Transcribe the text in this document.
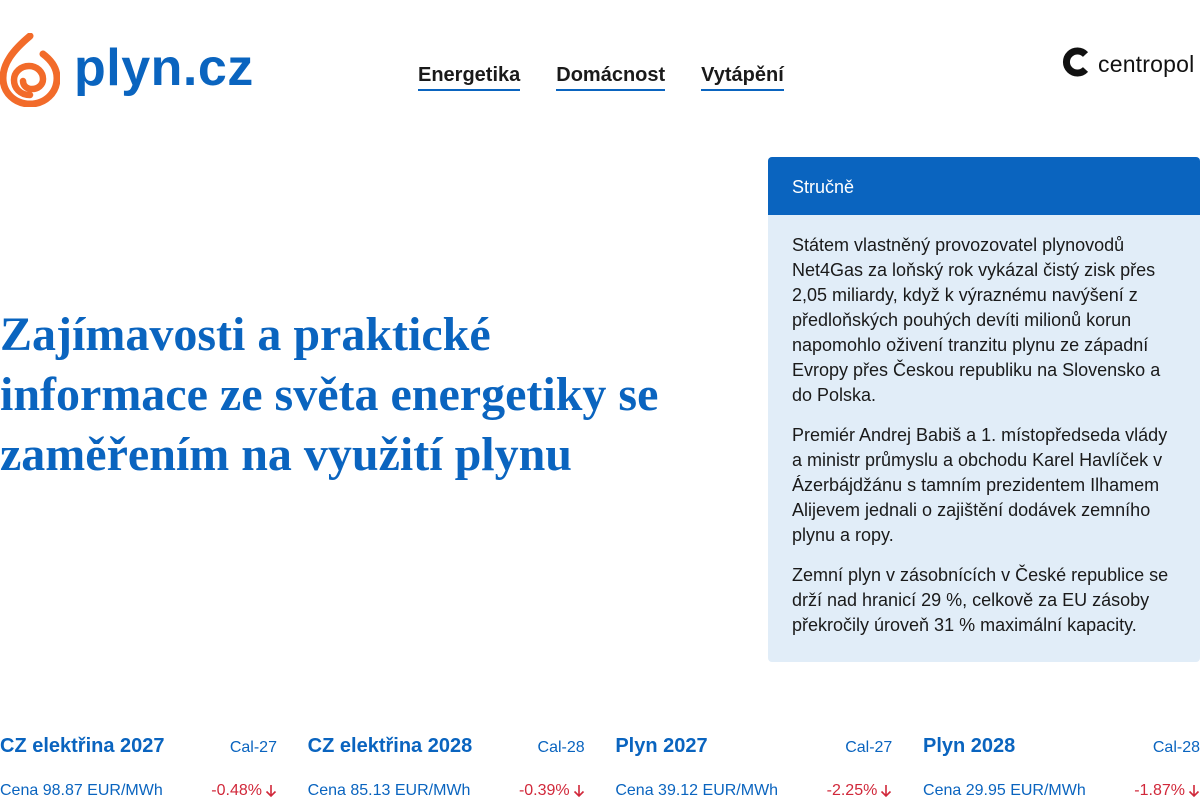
plyn.cz	Energetika Domácnost Vytápění	centropol
Zajímavosti a praktické informace ze světa energetiky se zaměřením na využití plynu
Stručně

Státem vlastněný provozovatel plynovodů Net4Gas za loňský rok vykázal čistý zisk přes 2,05 miliardy, když k výraznému navýšení z předloňských pouhých devíti milionů korun napomohlo oživení tranzitu plynu ze západní Evropy přes Českou republiku na Slovensko a do Polska.

Premiér Andrej Babiš a 1. místopředseda vlády a ministr průmyslu a obchodu Karel Havlíček v Ázerbájdžánu s tamním prezidentem Ilhamem Alijevem jednali o zajištění dodávek zemního plynu a ropy.

Zemní plyn v zásobnících v České republice se drží nad hranicí 29 %, celkově za EU zásoby překročily úroveň 31 % maximální kapacity.

CZ elektřina 2027	Cal-27
Cena 98.87 EUR/MWh	-0.48%
CZ elektřina 2028	Cal-28
Cena 85.13 EUR/MWh	-0.39%
Plyn 2027	Cal-27
Cena 39.12 EUR/MWh	-2.25%
Plyn 2028	Cal-28
Cena 29.95 EUR/MWh	-1.87%
